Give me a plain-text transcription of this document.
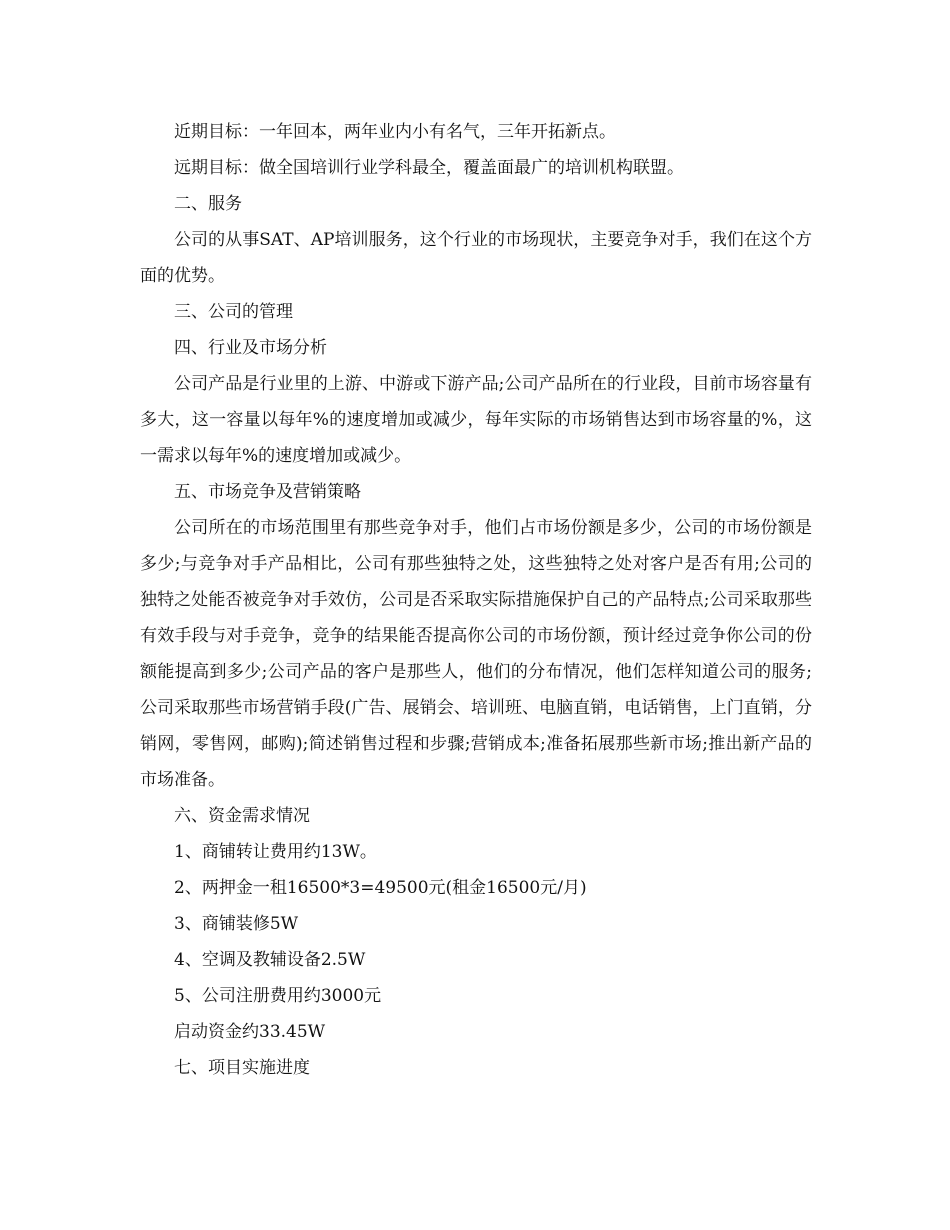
近期目标：一年回本，两年业内小有名气，三年开拓新点。

远期目标：做全国培训行业学科最全，覆盖面最广的培训机构联盟。

二、服务

公司的从事SAT、AP培训服务，这个行业的市场现状，主要竞争对手，我们在这个方面的优势。

三、公司的管理

四、行业及市场分析

公司产品是行业里的上游、中游或下游产品;公司产品所在的行业段，目前市场容量有多大，这一容量以每年%的速度增加或减少，每年实际的市场销售达到市场容量的%，这一需求以每年%的速度增加或减少。

五、市场竞争及营销策略

公司所在的市场范围里有那些竞争对手，他们占市场份额是多少，公司的市场份额是多少;与竞争对手产品相比，公司有那些独特之处，这些独特之处对客户是否有用;公司的独特之处能否被竞争对手效仿，公司是否采取实际措施保护自己的产品特点;公司采取那些有效手段与对手竞争，竞争的结果能否提高你公司的市场份额，预计经过竞争你公司的份额能提高到多少;公司产品的客户是那些人，他们的分布情况，他们怎样知道公司的服务;公司采取那些市场营销手段(广告、展销会、培训班、电脑直销，电话销售，上门直销，分销网，零售网，邮购);简述销售过程和步骤;营销成本;准备拓展那些新市场;推出新产品的市场准备。

六、资金需求情况

1、商铺转让费用约13W。

2、两押金一租16500*3=49500元(租金16500元/月)

3、商铺装修5W

4、空调及教辅设备2.5W

5、公司注册费用约3000元

启动资金约33.45W

七、项目实施进度
